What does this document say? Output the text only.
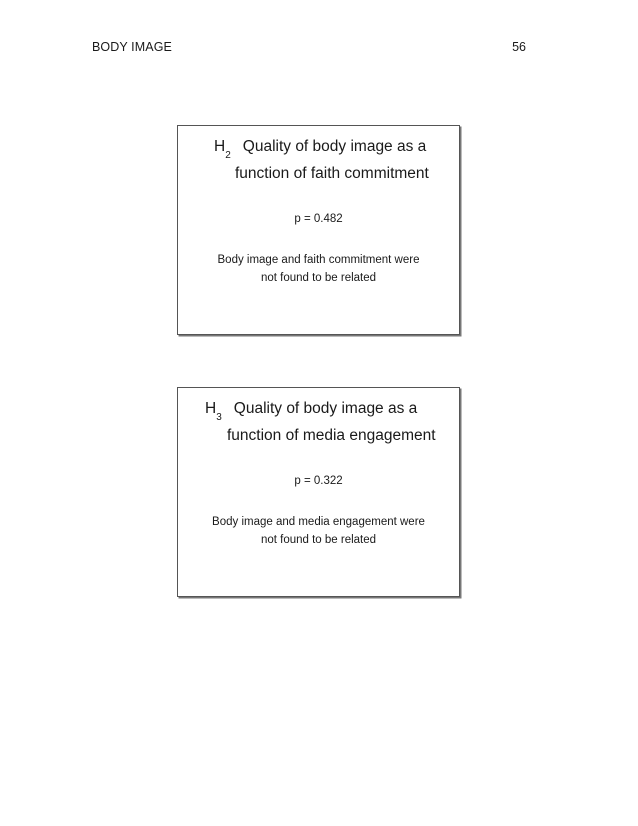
BODY IMAGE	56
$H_2Quality$ of body image as a
function of faith commitment
p = 0.482
Body image and faith commitment were
not found to be related
$H_3Quality$ of body image as a
function of media engagement
p = 0.322
Body image and media engagement were
not found to be related
